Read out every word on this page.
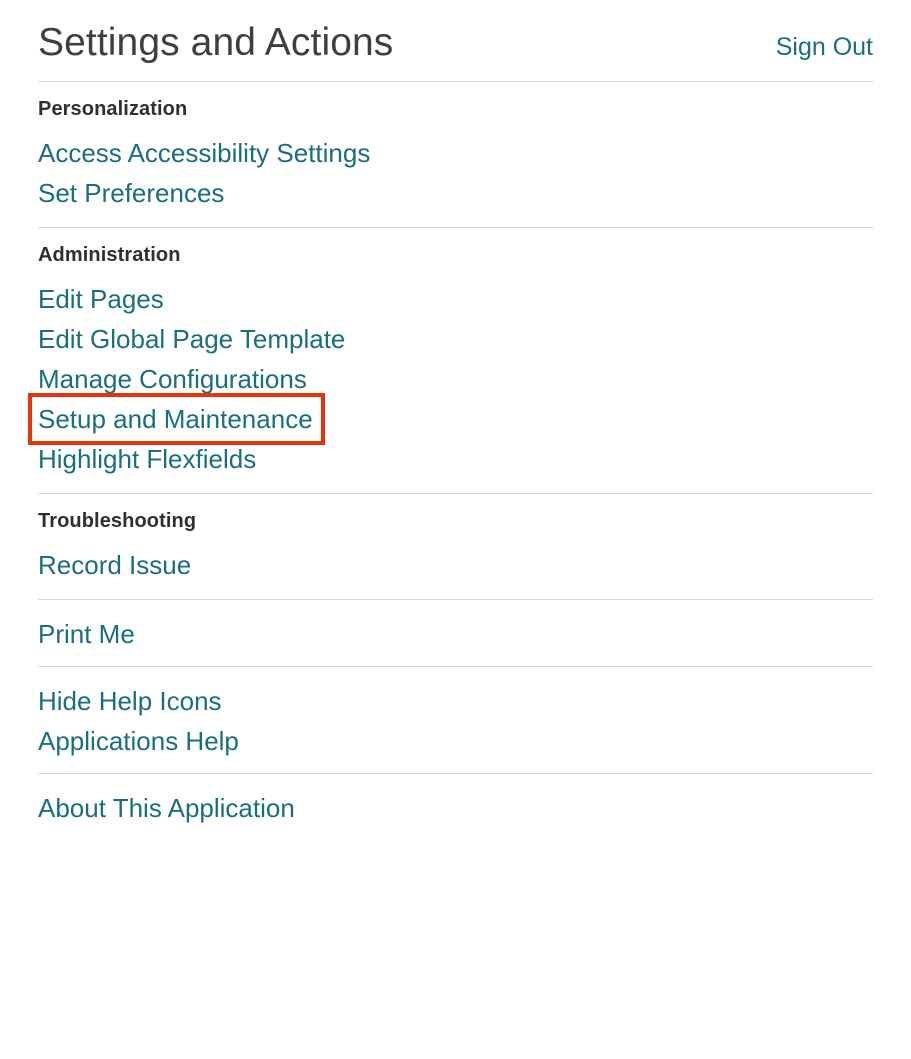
Settings and Actions	Sign Out
Personalization
Access Accessibility Settings
Set Preferences
Administration
Edit Pages
Edit Global Page Template
Manage Configurations
Setup and Maintenance
Highlight Flexfields
Troubleshooting
Record Issue
Print Me
Hide Help Icons
Applications Help
About This Application
